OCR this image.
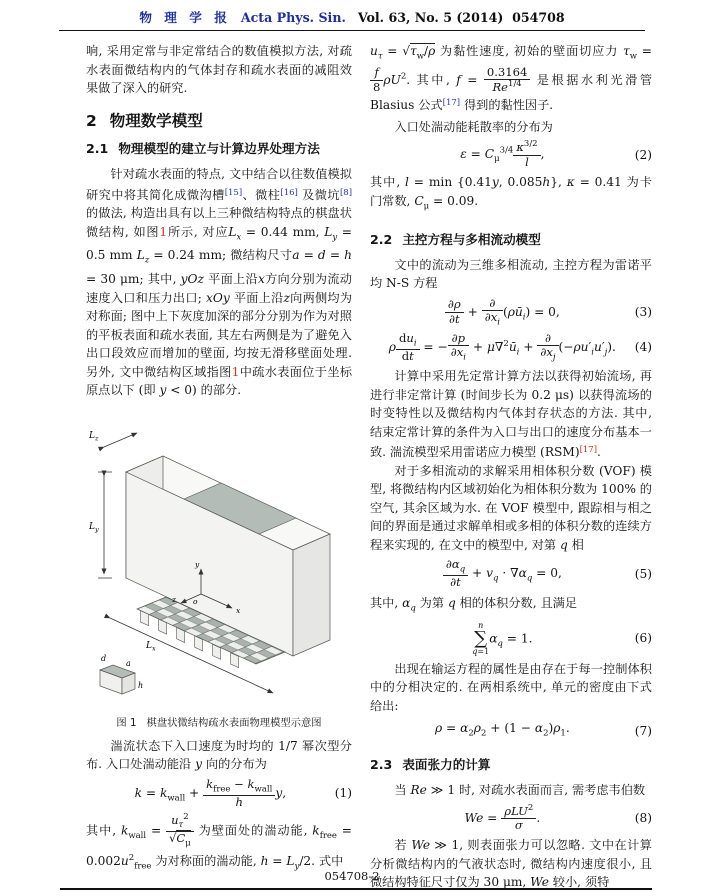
物 理 学 报 Acta Phys. Sin. Vol. 63, No. 5 (2014)  054708

响, 采用定常与非定常结合的数值模拟方法, 对疏水表面微结构内的气体封存和疏水表面的减阻效果做了深入的研究.

2 物理数学模型
2.1 物理模型的建立与计算边界处理方法

针对疏水表面的特点, 文中结合以往数值模拟研究中将其简化成微沟槽[15]、微柱[16] 及微坑[8] 的做法, 构造出具有以上三种微结构特点的棋盘状微结构, 如图1所示, 对应$L_x = 0.44$ mm, $L_y = 0.5$ mm $L_z = 0.24$ mm; 微结构尺寸a = d = h = 30 μm; 其中, yOz 平面上沿x方向分别为流动速度入口和压力出口; xOy 平面上沿z向两侧均为对称面; 图中上下灰度加深的部分分别为作为对照的平板表面和疏水表面, 其左右两侧是为了避免入出口段效应而增加的壁面, 均按无滑移壁面处理. 另外, 文中微结构区域指图1中疏水表面位于坐标原点以下 (即 y < 0) 的部分.

$L_y$
$L_z$
$L_x$
y
x
z o
d
a
h
图 1 棋盘状微结构疏水表面物理模型示意图

湍流状态下入口速度为时均的 1/7 幂次型分布. 入口处湍动能沿 y 向的分布为

$k = k_{wall}$ +
$k_{free} - k_{wall}$
h
y,	(1)

其中, $k_{wall} = \frac{u_\tau^2}{√C_\mu}$ 为壁面处的湍动能, $k_{free} = 0.002u^2_{free}$ 为对称面的湍动能, $h = L_y/2$. 式中

$u_\tau = √\tau_w/\rho$ 为黏性速度, 初始的壁面切应力 $\tau_w$ =
$\frac{f}{8} \rho U^2$. 其中, $f = \frac{0.3164}{Re^{1/4}}$ 是根据水利光滑管 Blasius 公式[17] 得到的黏性因子.

入口处湍动能耗散率的分布为

$\varepsilon = C_\mu^{3/4} \frac{\kappa^{3/2}}{l}$ ,	(2)

其中, l = min {0.41y, 0.085h}, κ = 0.41 为卡门常数, $C_\mu = 0.09$.

2.2 主控方程与多相流动模型

文中的流动为三维多相流动, 主控方程为雷诺平均 N-S 方程

$\frac{\partial\rho}{\partial t}$ +
∂
$\partial x_i$
$(\rho ū_i) = 0$,	(3)
ρ
$du_i$
dt
= − $\frac{\partial p}{\partial x_i}$ + $\mu\nabla^2ū_i$ +
∂
$\partial x_j$
$(-\rho u'_iu'_j)$.	(4)

计算中采用先定常计算方法以获得初始流场, 再进行非定常计算 (时间步长为 0.2 μs) 以获得流场的时变特性以及微结构内气体封存状态的方法. 其中, 结束定常计算的条件为入口与出口的速度分布基本一致. 湍流模型采用雷诺应力模型 (RSM)[17].

对于多相流动的求解采用相体积分数 (VOF) 模型, 将微结构内区域初始化为相体积分数为 100% 的空气, 其余区域为水. 在 VOF 模型中, 跟踪相与相之间的界面是通过求解单相或多相的体积分数的连续方程来实现的, 在文中的模型中, 对第 q 相

$\frac{\partial\alpha_q}{\partial t} + v_q \cdot \nabla\alpha_q = 0$,	(5)

其中, $\alpha_q$ 为第 q 相的体积分数, 且满足

n
∑
q=1
$\alpha_q = 1$.	(6)

出现在输运方程的属性是由存在于每一控制体积中的分相决定的. 在两相系统中, 单元的密度由下式给出:

$\rho = \alpha_2\rho_2 + (1 - \alpha_2)\rho_1$.	(7)
2.3 表面张力的计算

当 Re ≫ 1 时, 对疏水表面而言, 需考虑韦伯数

We = ρLU$^2$
σ
.	(8)

若 We ≫ 1, 则表面张力可以忽略. 文中在计算分析微结构内的气液状态时, 微结构内速度很小, 且微结构特征尺寸仅为 30 μm, We 较小, 须特

054708-2
